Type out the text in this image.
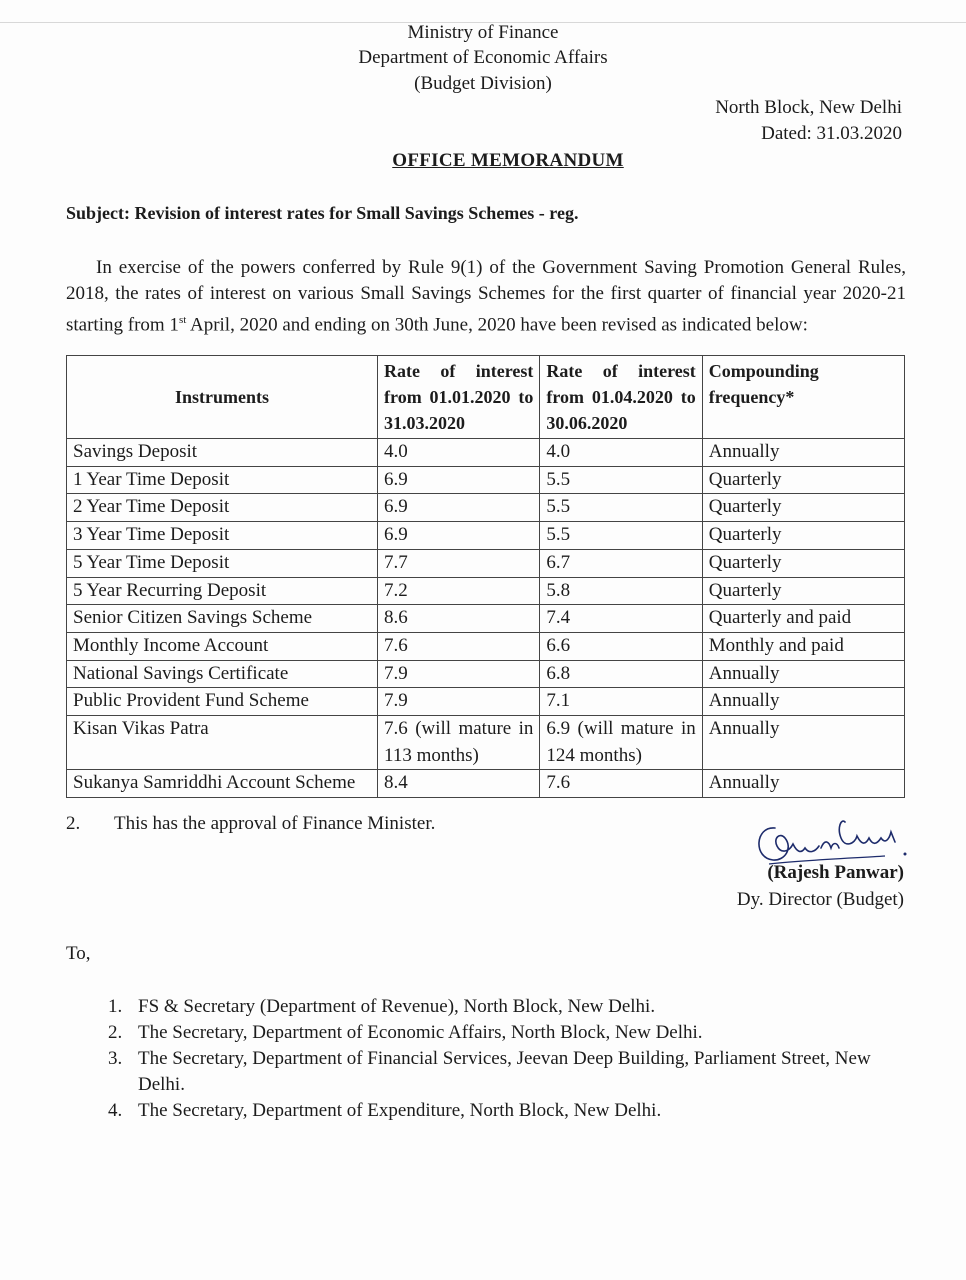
Ministry of Finance
Department of Economic Affairs
(Budget Division)
North Block, New Delhi
Dated: 31.03.2020
OFFICE MEMORANDUM
Subject: Revision of interest rates for Small Savings Schemes - reg.
In exercise of the powers conferred by Rule 9(1) of the Government Saving Promotion General Rules, 2018, the rates of interest on various Small Savings Schemes for the first quarter of financial year 2020-21 starting from 1st April, 2020 and ending on 30th June, 2020 have been revised as indicated below:
Instruments	Rate of interest from 01.01.2020 to 31.03.2020	Rate of interest from 01.04.2020 to 30.06.2020	Compounding frequency*
Savings Deposit	4.0	4.0	Annually
1 Year Time Deposit	6.9	5.5	Quarterly
2 Year Time Deposit	6.9	5.5	Quarterly
3 Year Time Deposit	6.9	5.5	Quarterly
5 Year Time Deposit	7.7	6.7	Quarterly
5 Year Recurring Deposit	7.2	5.8	Quarterly
Senior Citizen Savings Scheme	8.6	7.4	Quarterly and paid
Monthly Income Account	7.6	6.6	Monthly and paid
National Savings Certificate	7.9	6.8	Annually
Public Provident Fund Scheme	7.9	7.1	Annually
Kisan Vikas Patra	7.6 (will mature in 113 months)	6.9 (will mature in 124 months)	Annually
Sukanya Samriddhi Account Scheme	8.4	7.6	Annually
2. This has the approval of Finance Minister.
(Rajesh Panwar)
Dy. Director (Budget)
To,
1. FS & Secretary (Department of Revenue), North Block, New Delhi.
2. The Secretary, Department of Economic Affairs, North Block, New Delhi.
3. The Secretary, Department of Financial Services, Jeevan Deep Building, Parliament Street, New Delhi.
4. The Secretary, Department of Expenditure, North Block, New Delhi.
